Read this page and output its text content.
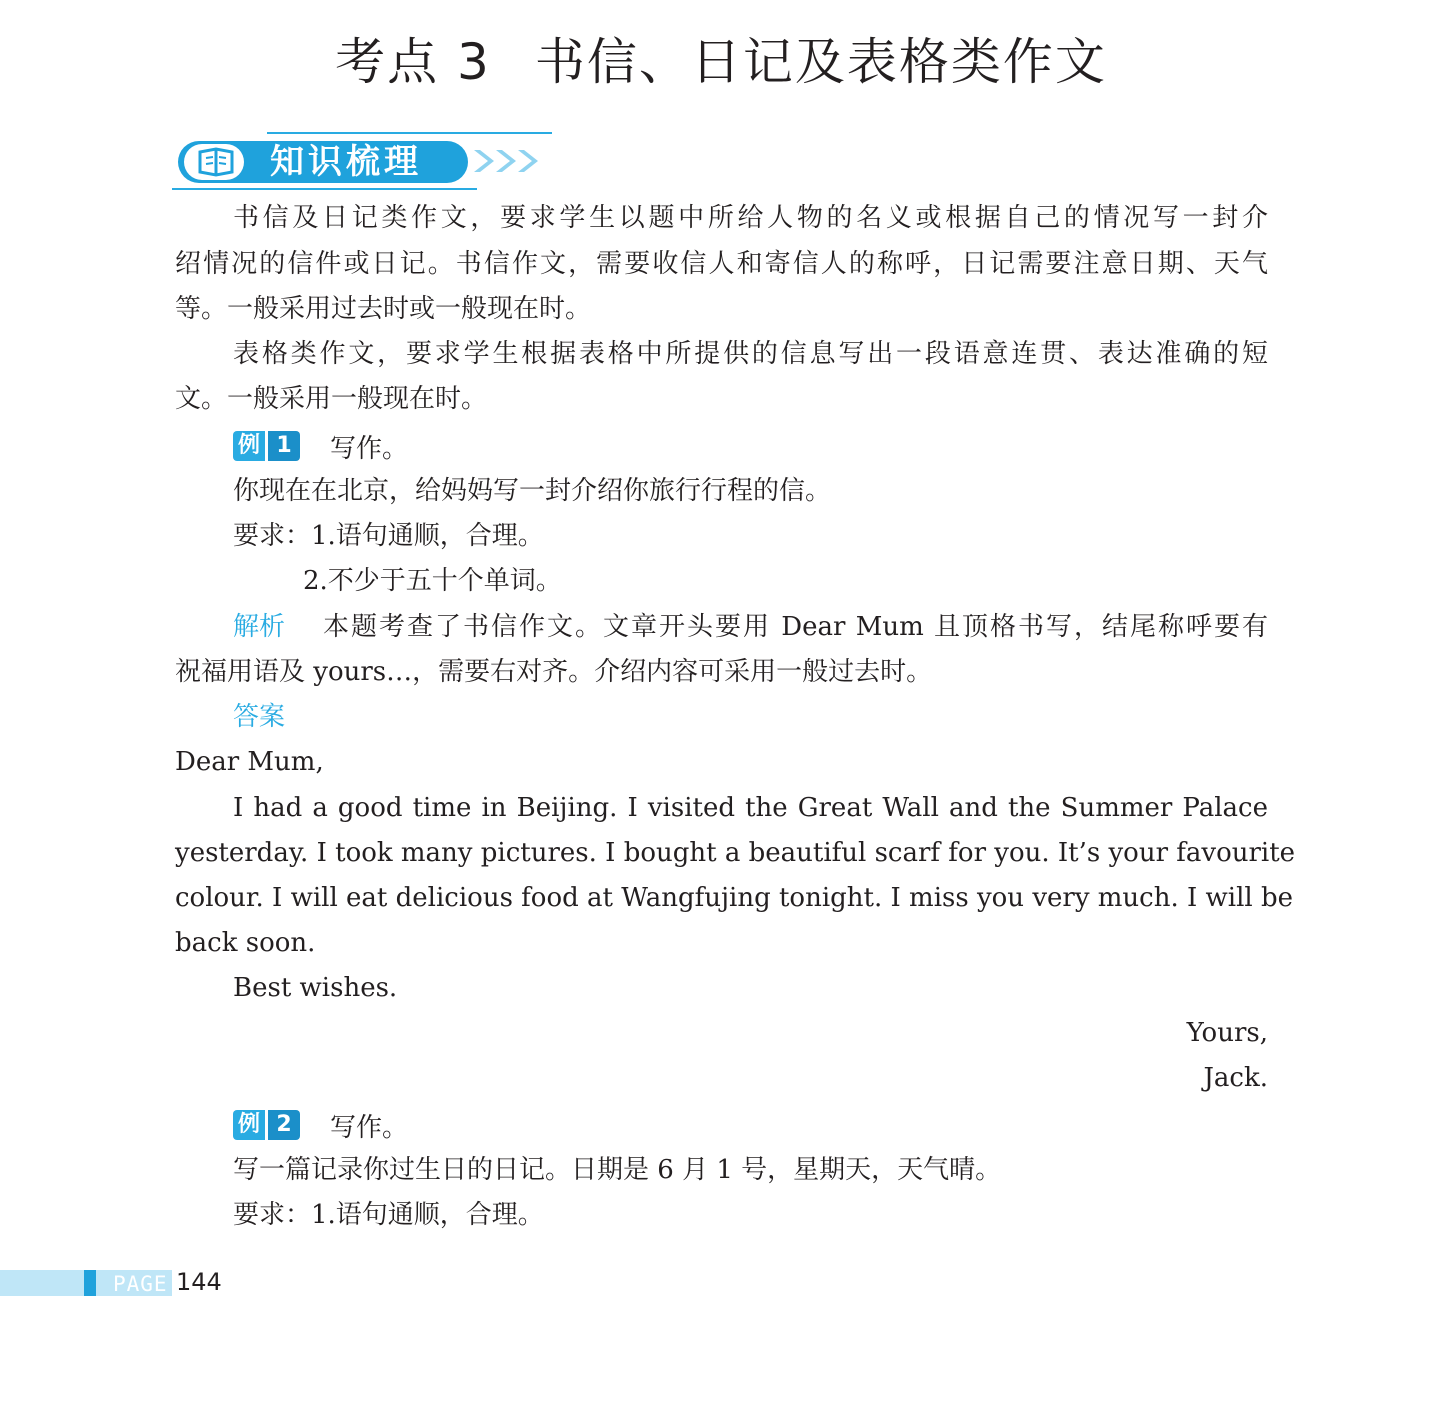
考点 3 书信、日记及表格类作文
知识梳理
书信及日记类作文，要求学生以题中所给人物的名义或根据自己的情况写一封介
绍情况的信件或日记。书信作文，需要收信人和寄信人的称呼，日记需要注意日期、天气
等。一般采用过去时或一般现在时。
表格类作文，要求学生根据表格中所提供的信息写出一段语意连贯、表达准确的短
文。一般采用一般现在时。
例 1	写作。
你现在在北京，给妈妈写一封介绍你旅行行程的信。
要求：1.语句通顺，合理。
2.不少于五十个单词。
解析 本题考查了书信作文。文章开头要用 Dear Mum 且顶格书写，结尾称呼要有
祝福用语及 yours…，需要右对齐。介绍内容可采用一般过去时。
答案
Dear Mum,
I had a good time in Beijing. I visited the Great Wall and the Summer Palace
yesterday. I took many pictures. I bought a beautiful scarf for you. It’s your favourite
colour. I will eat delicious food at Wangfujing tonight. I miss you very much. I will be
back soon.
Best wishes.
Yours,
Jack.
例 2	写作。
写一篇记录你过生日的日记。日期是 6 月 1 号，星期天，天气晴。
要求：1.语句通顺，合理。
PAGE 144
